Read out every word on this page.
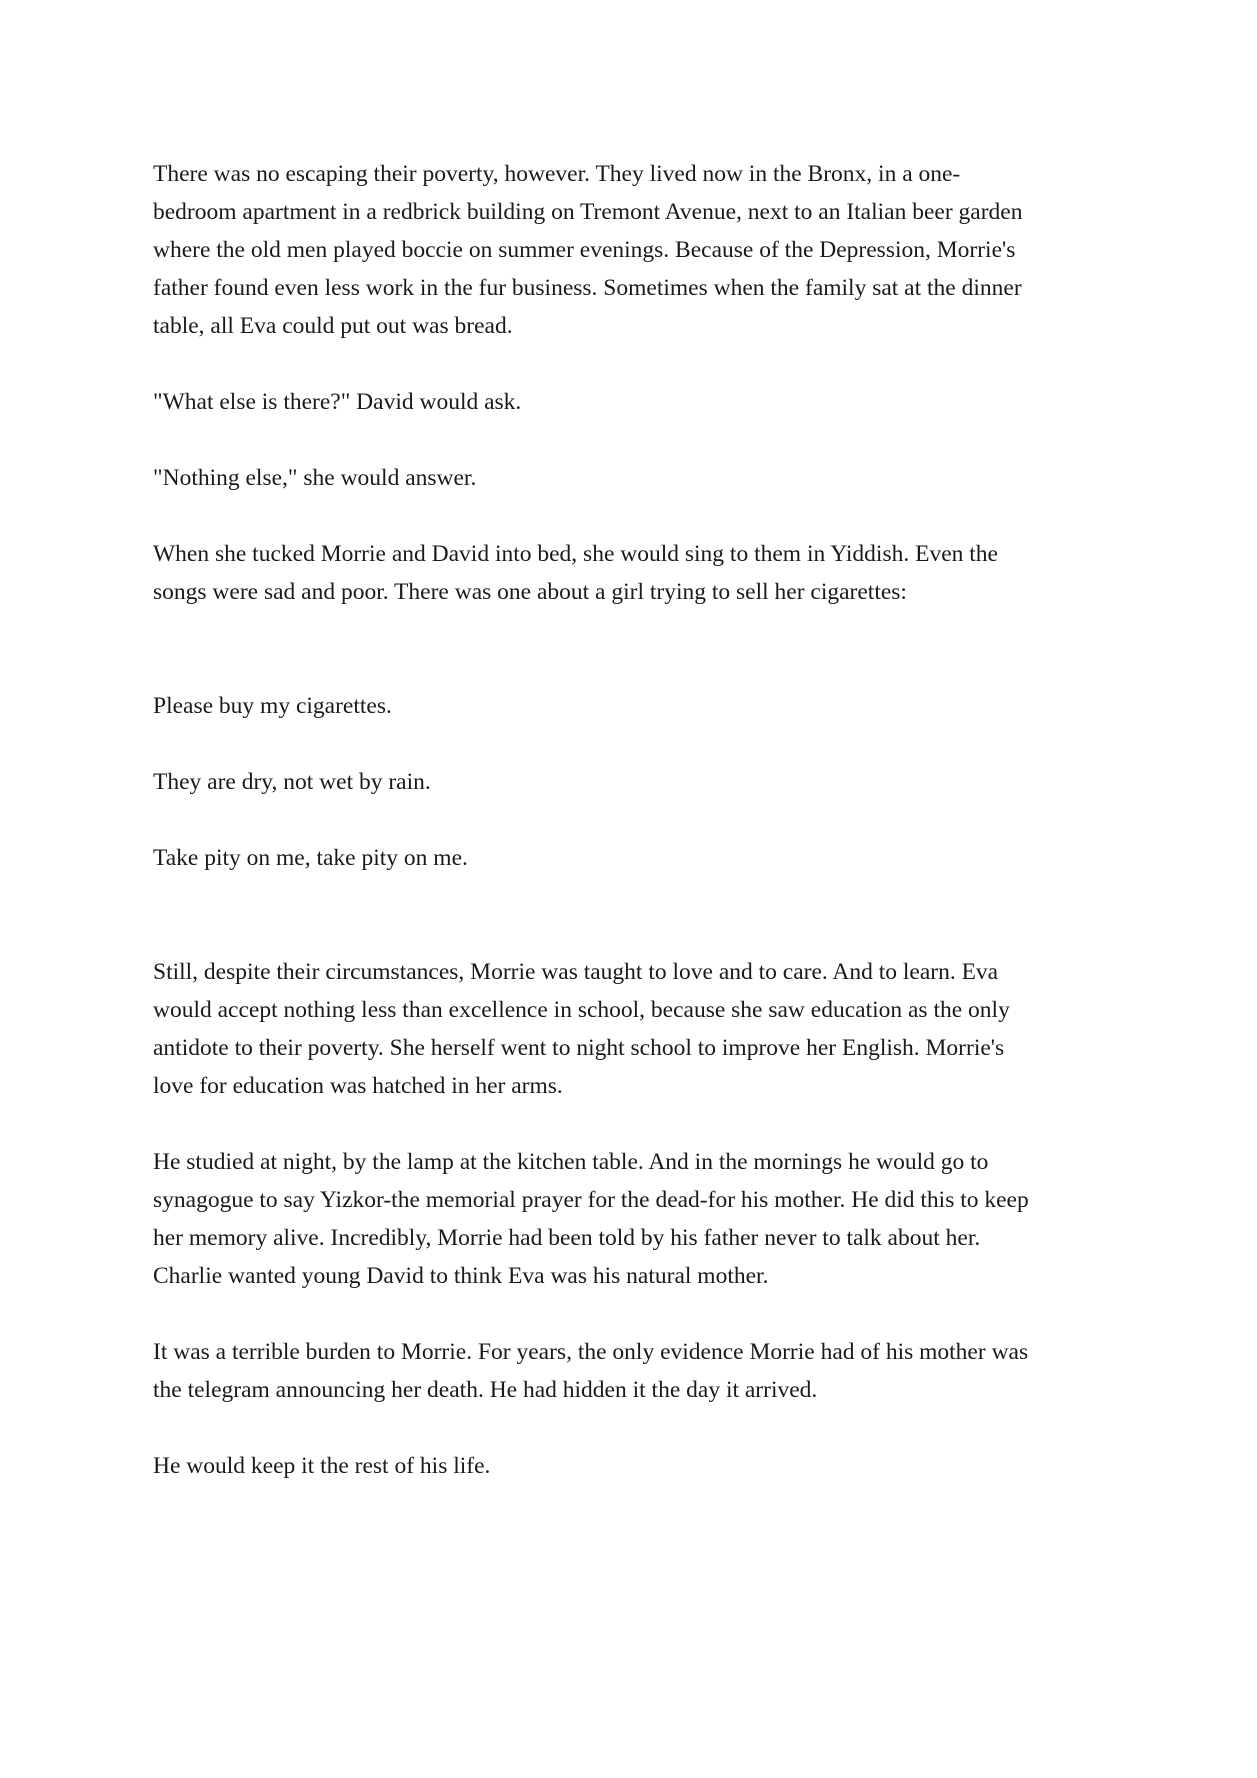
There was no escaping their poverty, however. They lived now in the Bronx, in a one-
bedroom apartment in a redbrick building on Tremont Avenue, next to an Italian beer garden
where the old men played boccie on summer evenings. Because of the Depression, Morrie's
father found even less work in the fur business. Sometimes when the family sat at the dinner
table, all Eva could put out was bread.
"What else is there?" David would ask.
"Nothing else," she would answer.
When she tucked Morrie and David into bed, she would sing to them in Yiddish. Even the
songs were sad and poor. There was one about a girl trying to sell her cigarettes:
Please buy my cigarettes.
They are dry, not wet by rain.
Take pity on me, take pity on me.
Still, despite their circumstances, Morrie was taught to love and to care. And to learn. Eva
would accept nothing less than excellence in school, because she saw education as the only
antidote to their poverty. She herself went to night school to improve her English. Morrie's
love for education was hatched in her arms.
He studied at night, by the lamp at the kitchen table. And in the mornings he would go to
synagogue to say Yizkor-the memorial prayer for the dead-for his mother. He did this to keep
her memory alive. Incredibly, Morrie had been told by his father never to talk about her.
Charlie wanted young David to think Eva was his natural mother.
It was a terrible burden to Morrie. For years, the only evidence Morrie had of his mother was
the telegram announcing her death. He had hidden it the day it arrived.
He would keep it the rest of his life.
